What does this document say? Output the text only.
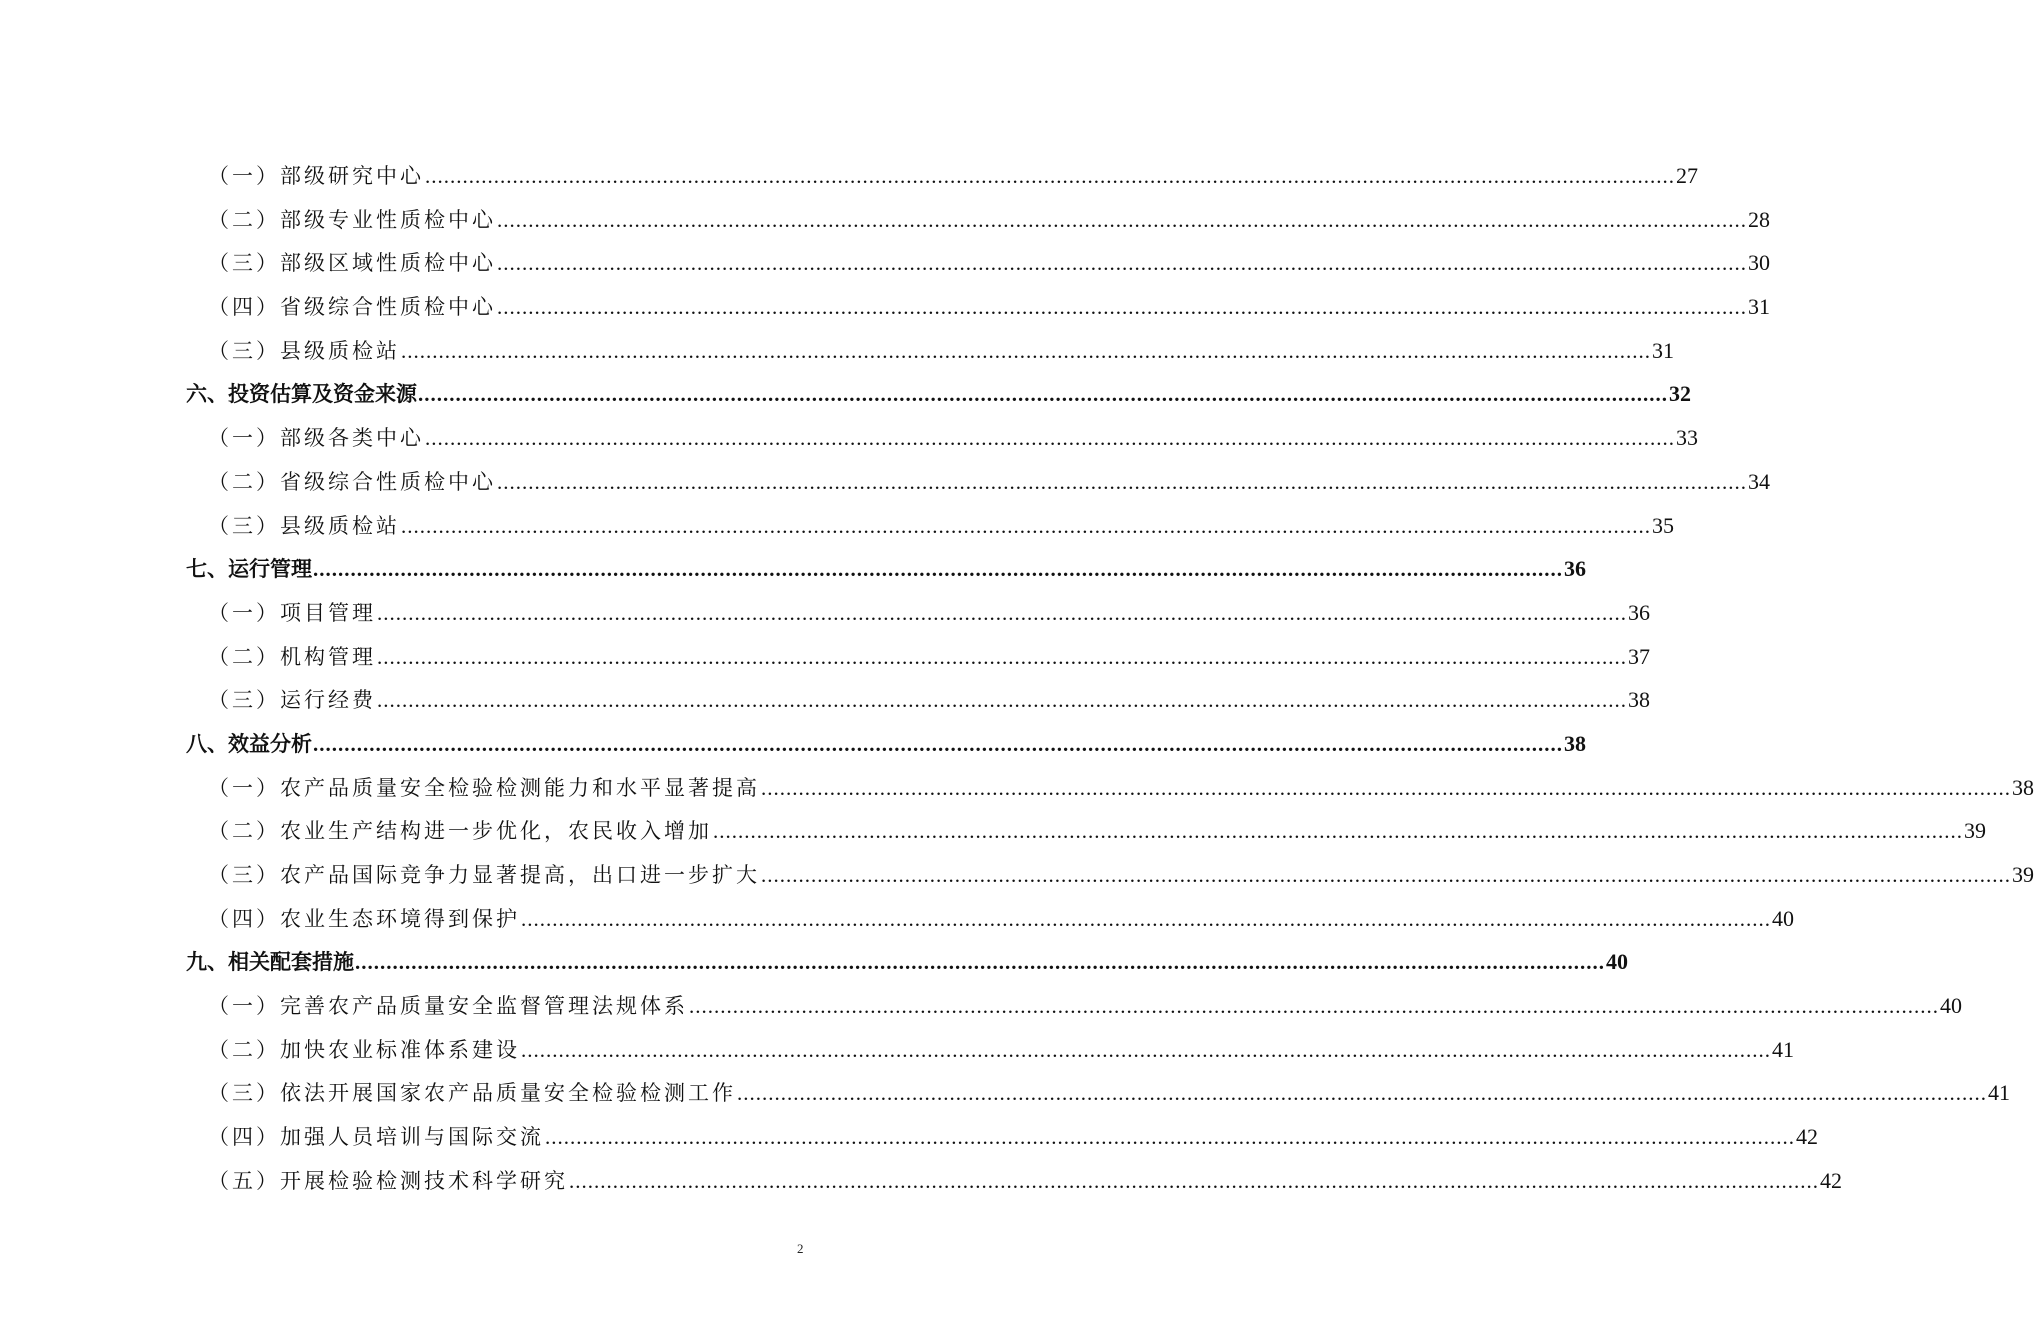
（一）部级研究中心 ........................................................................................................................................................................................................ 27
（二）部级专业性质检中心 ........................................................................................................................................................................................................ 28
（三）部级区域性质检中心 ........................................................................................................................................................................................................ 30
（四）省级综合性质检中心 ........................................................................................................................................................................................................ 31
（三）县级质检站 ........................................................................................................................................................................................................ 31
六、投资估算及资金来源 ........................................................................................................................................................................................................ 32
（一）部级各类中心 ........................................................................................................................................................................................................ 33
（二）省级综合性质检中心 ........................................................................................................................................................................................................ 34
（三）县级质检站 ........................................................................................................................................................................................................ 35
七、运行管理 ........................................................................................................................................................................................................ 36
（一）项目管理 ........................................................................................................................................................................................................ 36
（二）机构管理 ........................................................................................................................................................................................................ 37
（三）运行经费 ........................................................................................................................................................................................................ 38
八、效益分析 ........................................................................................................................................................................................................ 38
（一）农产品质量安全检验检测能力和水平显著提高 ........................................................................................................................................................................................................ 38
（二）农业生产结构进一步优化，农民收入增加 ........................................................................................................................................................................................................ 39
（三）农产品国际竞争力显著提高，出口进一步扩大 ........................................................................................................................................................................................................ 39
（四）农业生态环境得到保护 ........................................................................................................................................................................................................ 40
九、相关配套措施 ........................................................................................................................................................................................................ 40
（一）完善农产品质量安全监督管理法规体系 ........................................................................................................................................................................................................ 40
（二）加快农业标准体系建设 ........................................................................................................................................................................................................ 41
（三）依法开展国家农产品质量安全检验检测工作 ........................................................................................................................................................................................................ 41
（四）加强人员培训与国际交流 ........................................................................................................................................................................................................ 42
（五）开展检验检测技术科学研究 ........................................................................................................................................................................................................ 42
2
